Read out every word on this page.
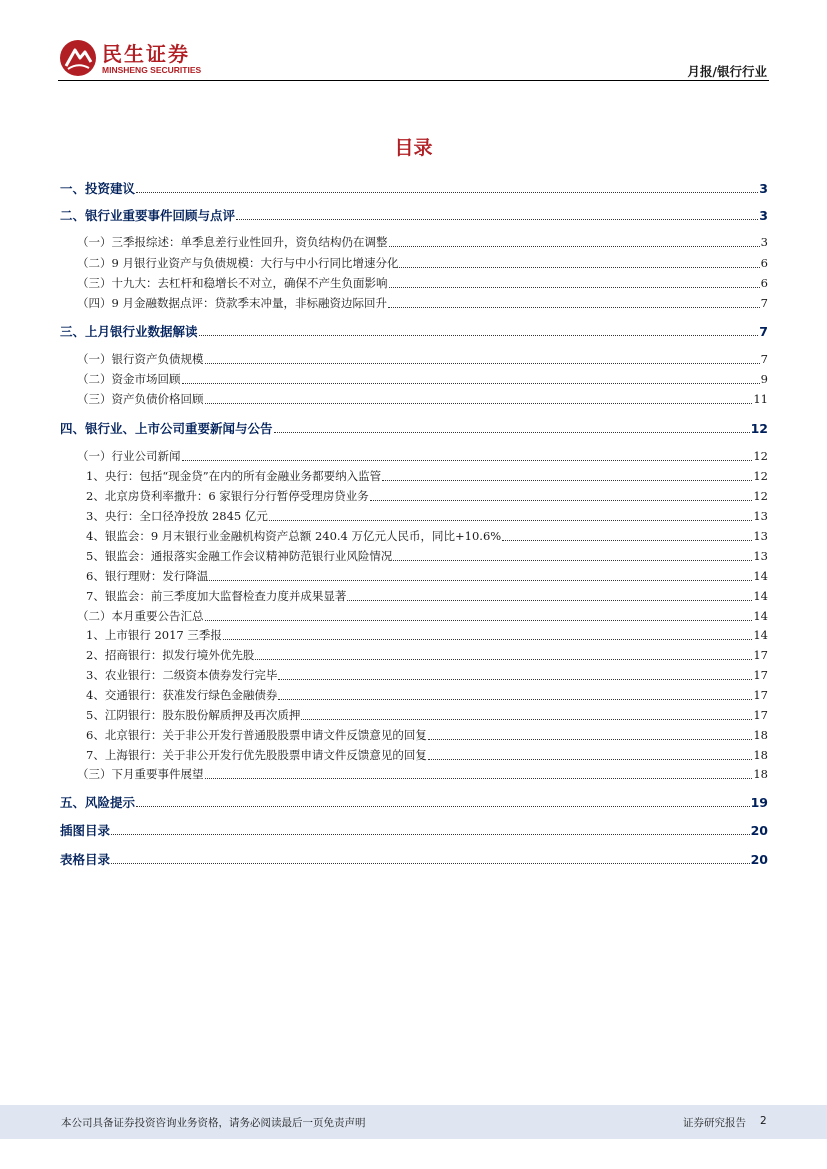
民生证券
MINSHENG SECURITIES	月报/银行行业
目录
一、投资建议	3
二、银行业重要事件回顾与点评	3
（一）三季报综述：单季息差行业性回升，资负结构仍在调整	3
（二）9 月银行业资产与负债规模：大行与中小行同比增速分化	6
（三）十九大：去杠杆和稳增长不对立，确保不产生负面影响	6
（四）9 月金融数据点评：贷款季末冲量，非标融资边际回升	7
三、上月银行业数据解读	7
（一）银行资产负债规模	7
（二）资金市场回顾	9
（三）资产负债价格回顾	11
四、银行业、上市公司重要新闻与公告	12
（一）行业公司新闻	12
1、央行：包括“现金贷”在内的所有金融业务都要纳入监管	12
2、北京房贷利率撒升：6 家银行分行暂停受理房贷业务	12
3、央行：全口径净投放 2845 亿元	13
4、银监会：9 月末银行业金融机构资产总额 240.4 万亿元人民币，同比+10.6%	13
5、银监会：通报落实金融工作会议精神防范银行业风险情况	13
6、银行理财：发行降温	14
7、银监会：前三季度加大监督检查力度并成果显著	14
（二）本月重要公告汇总	14
1、上市银行 2017 三季报	14
2、招商银行：拟发行境外优先股	17
3、农业银行：二级资本债券发行完毕	17
4、交通银行：获准发行绿色金融债券	17
5、江阴银行：股东股份解质押及再次质押	17
6、北京银行：关于非公开发行普通股股票申请文件反馈意见的回复	18
7、上海银行：关于非公开发行优先股股票申请文件反馈意见的回复	18
（三）下月重要事件展望	18
五、风险提示	19
插图目录	20
表格目录	20
本公司具备证券投资咨询业务资格，请务必阅读最后一页免责声明	证券研究报告 2
